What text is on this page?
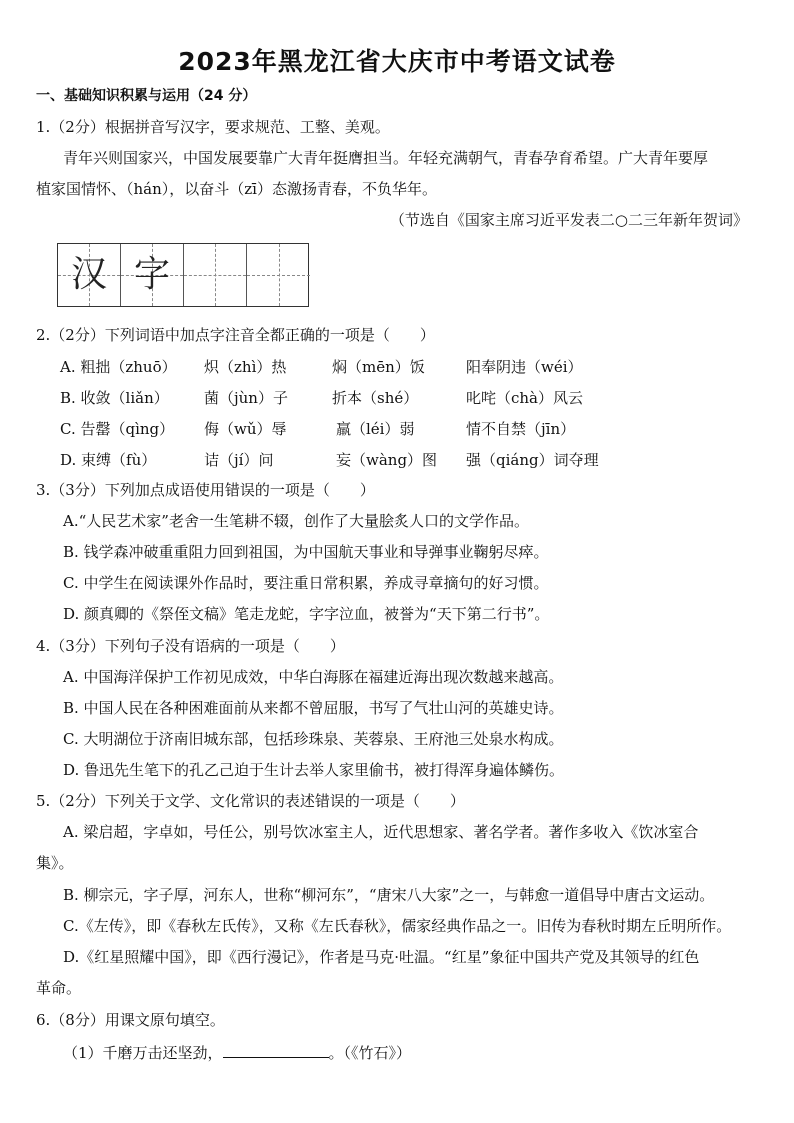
2023年黑龙江省大庆市中考语文试卷
一、基础知识积累与运用（24 分）
1.（2分）根据拼音写汉字，要求规范、工整、美观。
青年兴则国家兴，中国发展要靠广大青年挺膺担当。年轻充满朝气，青春孕育希望。广大青年要厚
植家国情怀、（hán），以奋斗（zī）态激扬青春，不负华年。
（节选自《国家主席习近平发表二○二三年新年贺词》
汉 字
2.（2分）下列词语中加点字注音全都正确的一项是（　　）
A. 粗拙（zhuō） 炽（zhì）热	焖（mēn）饭	阳奉阴违（wéi）
B. 收敛（liǎn） 菌（jùn）子	折本（shé）	叱咤（chà）风云
C. 告罄（qìng） 侮（wǔ）辱	羸（léi）弱	情不自禁（jīn）
D. 束缚（fù）	诘（jí）问	妄（wàng）图 强（qiáng）词夺理
3.（3分）下列加点成语使用错误的一项是（　　）
A.“人民艺术家”老舍一生笔耕不辍，创作了大量脍炙人口的文学作品。
B. 钱学森冲破重重阻力回到祖国，为中国航天事业和导弹事业鞠躬尽瘁。
C. 中学生在阅读课外作品时，要注重日常积累，养成寻章摘句的好习惯。
D. 颜真卿的《祭侄文稿》笔走龙蛇，字字泣血，被誉为“天下第二行书”。
4.（3分）下列句子没有语病的一项是（　　）
A. 中国海洋保护工作初见成效，中华白海豚在福建近海出现次数越来越高。
B. 中国人民在各种困难面前从来都不曾屈服，书写了气壮山河的英雄史诗。
C. 大明湖位于济南旧城东部，包括珍珠泉、芙蓉泉、王府池三处泉水构成。
D. 鲁迅先生笔下的孔乙己迫于生计去举人家里偷书，被打得浑身遍体鳞伤。
5.（2分）下列关于文学、文化常识的表述错误的一项是（　　）
A. 梁启超，字卓如，号任公，别号饮冰室主人，近代思想家、著名学者。著作多收入《饮冰室合
集》。
B. 柳宗元，字子厚，河东人，世称“柳河东”，“唐宋八大家”之一，与韩愈一道倡导中唐古文运动。
C.《左传》，即《春秋左氏传》，又称《左氏春秋》，儒家经典作品之一。旧传为春秋时期左丘明所作。
D.《红星照耀中国》，即《西行漫记》，作者是马克·吐温。“红星”象征中国共产党及其领导的红色
革命。
6.（8分）用课文原句填空。
（1）千磨万击还坚劲，	。（《竹石》）
